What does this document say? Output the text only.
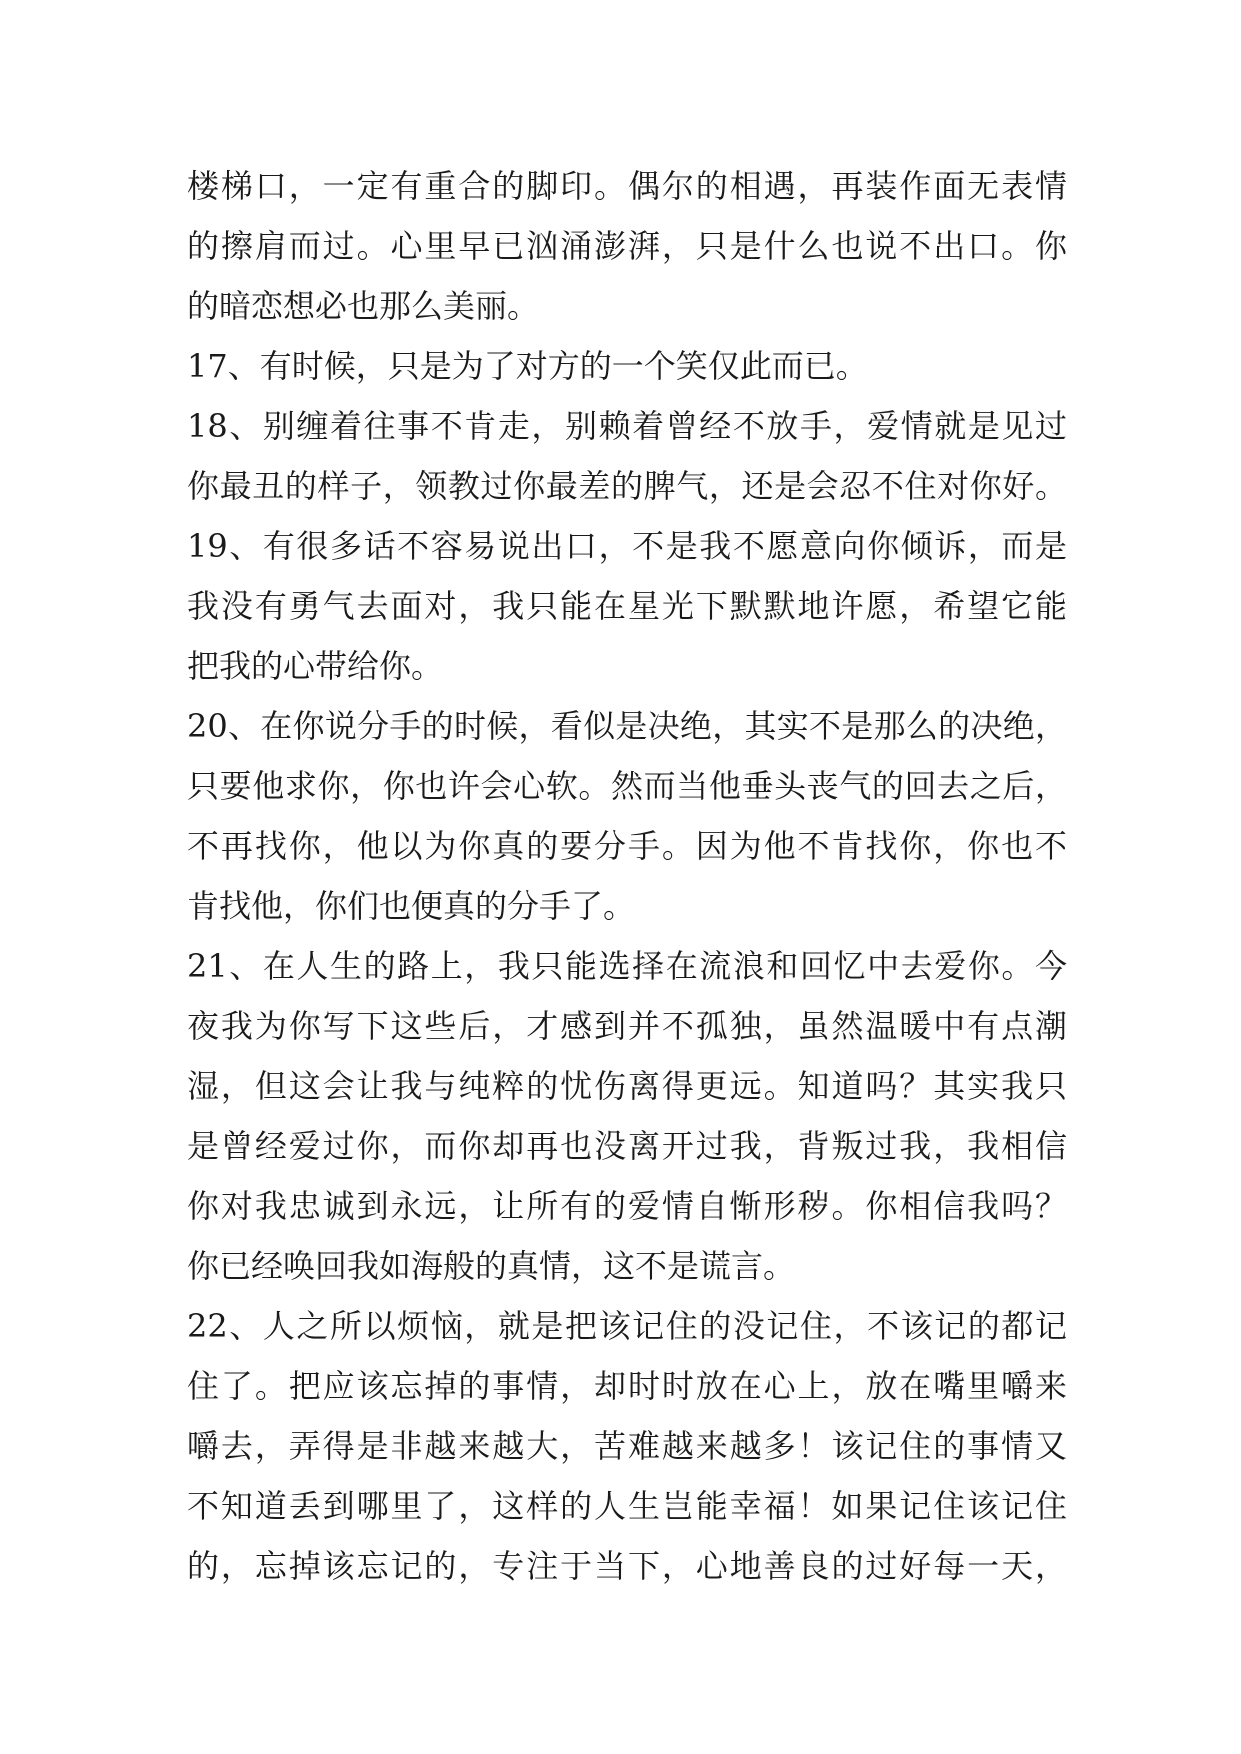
楼梯口，一定有重合的脚印。偶尔的相遇，再装作面无表情
的擦肩而过。心里早已汹涌澎湃，只是什么也说不出口。你
的暗恋想必也那么美丽。
17、有时候，只是为了对方的一个笑仅此而已。
18、别缠着往事不肯走，别赖着曾经不放手，爱情就是见过
你最丑的样子，领教过你最差的脾气，还是会忍不住对你好。
19、有很多话不容易说出口，不是我不愿意向你倾诉，而是
我没有勇气去面对，我只能在星光下默默地许愿，希望它能
把我的心带给你。
20、在你说分手的时候，看似是决绝，其实不是那么的决绝，
只要他求你，你也许会心软。然而当他垂头丧气的回去之后，
不再找你，他以为你真的要分手。因为他不肯找你，你也不
肯找他，你们也便真的分手了。
21、在人生的路上，我只能选择在流浪和回忆中去爱你。今
夜我为你写下这些后，才感到并不孤独，虽然温暖中有点潮
湿，但这会让我与纯粹的忧伤离得更远。知道吗？其实我只
是曾经爱过你，而你却再也没离开过我，背叛过我，我相信
你对我忠诚到永远，让所有的爱情自惭形秽。你相信我吗？
你已经唤回我如海般的真情，这不是谎言。
22、人之所以烦恼，就是把该记住的没记住，不该记的都记
住了。把应该忘掉的事情，却时时放在心上，放在嘴里嚼来
嚼去，弄得是非越来越大，苦难越来越多！该记住的事情又
不知道丢到哪里了，这样的人生岂能幸福！如果记住该记住
的，忘掉该忘记的，专注于当下，心地善良的过好每一天，
